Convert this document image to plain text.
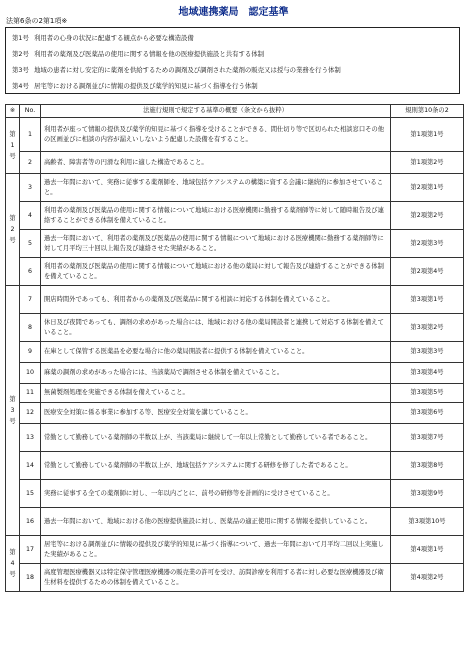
地域連携薬局　認定基準
法第6条の2第1項※
第1号 利用者の心身の状況に配慮する観点から必要な構造設備
第2号 利用者の薬剤及び医薬品の使用に関する情報を他の医療提供施設と共有する体制
第3号 地域の患者に対し安定的に薬剤を供給するための調剤及び調剤された薬剤の販売又は授与の業務を行う体制
第4号 居宅等における調剤並びに情報の提供及び薬学的知見に基づく指導を行う体制
※	No.	法施行規則で規定する基準の概要（条文から抜粋）	規則第10条の2

第
1
号	1	利用者が座って情報の提供及び薬学的知見に基づく指導を受けることができる、間仕切り等で区切られた相談窓口その他の区画並びに相談の内容が漏えいしないよう配慮した設備を有すること。	第1項第1号
	2	高齢者、障害者等の円滑な利用に適した構造であること。	第1項第2号

第
2
号	3	過去一年間において、実務に従事する薬剤師を、地域包括ケアシステムの構築に資する会議に継続的に参加させていること。	第2項第1号
	4	利用者の薬剤及び医薬品の使用に関する情報について地域における医療機関に勤務する薬剤師等に対して随時報告及び連絡することができる体制を備えていること。	第2項第2号
	5	過去一年間において、利用者の薬剤及び医薬品の使用に関する情報について地域における医療機関に勤務する薬剤師等に対して月平均三十回以上報告及び連絡させた実績があること。	第2項第3号
	6	利用者の薬剤及び医薬品の使用に関する情報について地域における他の薬局に対して報告及び連絡することができる体制を備えていること。	第2項第4号

第
3
号	7	開店時間外であっても、利用者からの薬剤及び医薬品に関する相談に対応する体制を備えていること。	第3項第1号
	8	休日及び夜間であっても、調剤の求めがあった場合には、地域における他の薬局開設者と連携して対応する体制を備えていること。	第3項第2号
	9	在庫として保管する医薬品を必要な場合に他の薬局開設者に提供する体制を備えていること。	第3項第3号
	10	麻薬の調剤の求めがあった場合には、当該薬局で調剤させる体制を備えていること。	第3項第4号
	11	無菌製剤処理を実施できる体制を備えていること。	第3項第5号
	12	医療安全対策に係る事業に参加する等、医療安全対策を講じていること。	第3項第6号
	13	常勤として勤務している薬剤師の半数以上が、当該薬局に継続して一年以上常勤として勤務している者であること。	第3項第7号
	14	常勤として勤務している薬剤師の半数以上が、地域包括ケアシステムに関する研修を修了した者であること。	第3項第8号
	15	実務に従事する全ての薬剤師に対し、一年以内ごとに、前号の研修等を計画的に受けさせていること。	第3項第9号
	16	過去一年間において、地域における他の医療提供施設に対し、医薬品の適正使用に関する情報を提供していること。	第3項第10号

第
4
号	17	居宅等における調剤並びに情報の提供及び薬学的知見に基づく指導について、過去一年間において月平均二回以上実施した実績があること。	第4項第1号
	18	高度管理医療機器又は特定保守管理医療機器の販売業の許可を受け、訪問診療を利用する者に対し必要な医療機器及び衛生材料を提供するための体制を備えていること。	第4項第2号
